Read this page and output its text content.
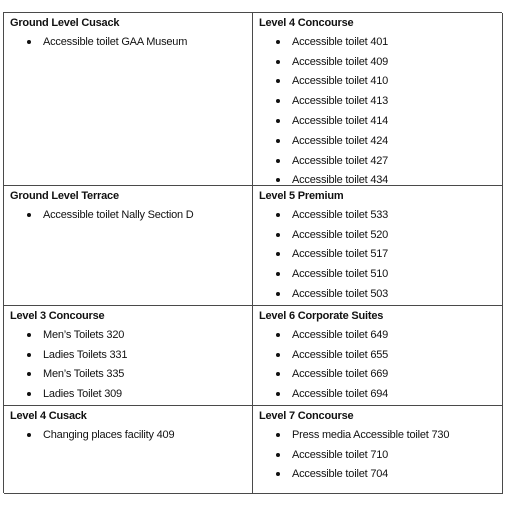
Ground Level Cusack
Accessible toilet GAA Museum
Level 4 Concourse
Accessible toilet 401
Accessible toilet 409
Accessible toilet 410
Accessible toilet 413
Accessible toilet 414
Accessible toilet 424
Accessible toilet 427
Accessible toilet 434
Ground Level Terrace
Accessible toilet Nally Section D
Level 5 Premium
Accessible toilet 533
Accessible toilet 520
Accessible toilet 517
Accessible toilet 510
Accessible toilet 503
Level 3 Concourse
Men’s Toilets 320
Ladies Toilets 331
Men’s Toilets 335
Ladies Toilet 309
Level 6 Corporate Suites
Accessible toilet 649
Accessible toilet 655
Accessible toilet 669
Accessible toilet 694
Level 4 Cusack
Changing places facility 409
Level 7 Concourse
Press media Accessible toilet 730
Accessible toilet 710
Accessible toilet 704
